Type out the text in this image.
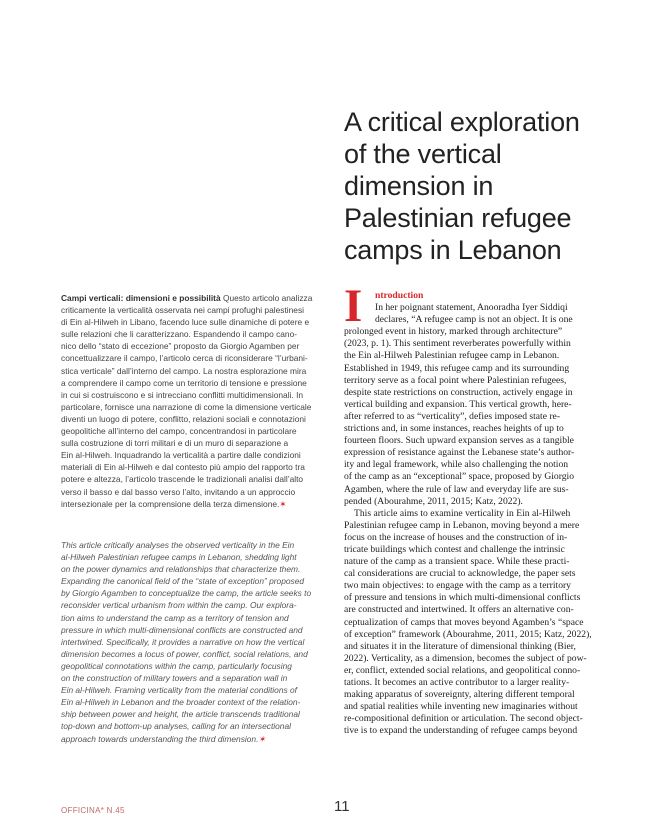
A critical exploration
of the vertical
dimension in
Palestinian refugee
camps in Lebanon
Campi verticali: dimensioni e possibilità Questo articolo analizza
criticamente la verticalità osservata nei campi profughi palestinesi
di Ein al-Hilweh in Libano, facendo luce sulle dinamiche di potere e
sulle relazioni che li caratterizzano. Espandendo il campo cano-
nico dello “stato di eccezione” proposto da Giorgio Agamben per
concettualizzare il campo, l’articolo cerca di riconsiderare “l’urbani-
stica verticale” dall’interno del campo. La nostra esplorazione mira
a comprendere il campo come un territorio di tensione e pressione
in cui si costruiscono e si intrecciano conflitti multidimensionali. In
particolare, fornisce una narrazione di come la dimensione verticale
diventi un luogo di potere, conflitto, relazioni sociali e connotazioni
geopolitiche all’interno del campo, concentrandosi in particolare
sulla costruzione di torri militari e di un muro di separazione a
Ein al-Hilweh. Inquadrando la verticalità a partire dalle condizioni
materiali di Ein al-Hilweh e dal contesto più ampio del rapporto tra
potere e altezza, l’articolo trascende le tradizionali analisi dall’alto
verso il basso e dal basso verso l’alto, invitando a un approccio
intersezionale per la comprensione della terza dimensione.✶
This article critically analyses the observed verticality in the Ein
al-Hilweh Palestinian refugee camps in Lebanon, shedding light
on the power dynamics and relationships that characterize them.
Expanding the canonical field of the “state of exception” proposed
by Giorgio Agamben to conceptualize the camp, the article seeks to
reconsider vertical urbanism from within the camp. Our explora-
tion aims to understand the camp as a territory of tension and
pressure in which multi-dimensional conflicts are constructed and
intertwined. Specifically, it provides a narrative on how the vertical
dimension becomes a locus of power, conflict, social relations, and
geopolitical connotations within the camp, particularly focusing
on the construction of military towers and a separation wall in
Ein al-Hilweh. Framing verticality from the material conditions of
Ein al-Hilweh in Lebanon and the broader context of the relation-
ship between power and height, the article transcends traditional
top-down and bottom-up analyses, calling for an intersectional
approach towards understanding the third dimension.✶
I	ntroduction
In her poignant statement, Anooradha Iyer Siddiqi
declares, “A refugee camp is not an object. It is one
prolonged event in history, marked through architecture”
(2023, p. 1). This sentiment reverberates powerfully within
the Ein al-Hilweh Palestinian refugee camp in Lebanon.
Established in 1949, this refugee camp and its surrounding
territory serve as a focal point where Palestinian refugees,
despite state restrictions on construction, actively engage in
vertical building and expansion. This vertical growth, here-
after referred to as “verticality”, defies imposed state re-
strictions and, in some instances, reaches heights of up to
fourteen floors. Such upward expansion serves as a tangible
expression of resistance against the Lebanese state’s author-
ity and legal framework, while also challenging the notion
of the camp as an “exceptional” space, proposed by Giorgio
Agamben, where the rule of law and everyday life are sus-
pended (Abourahme, 2011, 2015; Katz, 2022).
This article aims to examine verticality in Ein al-Hilweh
Palestinian refugee camp in Lebanon, moving beyond a mere
focus on the increase of houses and the construction of in-
tricate buildings which contest and challenge the intrinsic
nature of the camp as a transient space. While these practi-
cal considerations are crucial to acknowledge, the paper sets
two main objectives: to engage with the camp as a territory
of pressure and tensions in which multi-dimensional conflicts
are constructed and intertwined. It offers an alternative con-
ceptualization of camps that moves beyond Agamben’s “space
of exception” framework (Abourahme, 2011, 2015; Katz, 2022),
and situates it in the literature of dimensional thinking (Bier,
2022). Verticality, as a dimension, becomes the subject of pow-
er, conflict, extended social relations, and geopolitical conno-
tations. It becomes an active contributor to a larger reality-
making apparatus of sovereignty, altering different temporal
and spatial realities while inventing new imaginaries without
re-compositional definition or articulation. The second object-
tive is to expand the understanding of refugee camps beyond
OFFICINA* N.45	11
